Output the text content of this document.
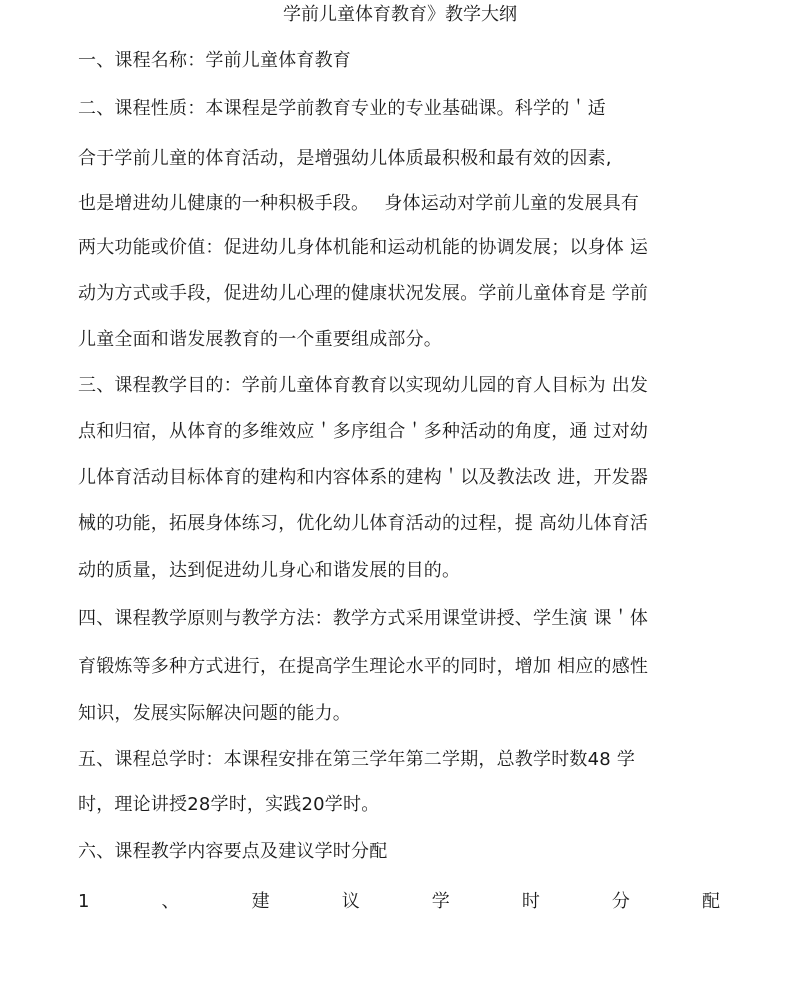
学前儿童体育教育》教学大纲
一、课程名称：学前儿童体育教育
二、课程性质：本课程是学前教育专业的专业基础课。科学的＇适
合于学前儿童的体育活动，是增强幼儿体质最积极和最有效的因素,
也是增进幼儿健康的一种积极手段。　 身体运动对学前儿童的发展具有
两大功能或价值：促进幼儿身体机能和运动机能的协调发展；以身体 运
动为方式或手段，促进幼儿心理的健康状况发展。学前儿童体育是 学前
儿童全面和谐发展教育的一个重要组成部分。
三、课程教学目的：学前儿童体育教育以实现幼儿园的育人目标为 出发
点和归宿，从体育的多维效应＇多序组合＇多种活动的角度，通 过对幼
儿体育活动目标体育的建构和内容体系的建构＇以及教法改 进，开发器
械的功能，拓展身体练习，优化幼儿体育活动的过程，提 高幼儿体育活
动的质量，达到促进幼儿身心和谐发展的目的。
四、课程教学原则与教学方法：教学方式采用课堂讲授、学生演 课＇体
育锻炼等多种方式进行，在提高学生理论水平的同时，增加 相应的感性
知识，发展实际解决问题的能力。
五、课程总学时：本课程安排在第三学年第二学期，总教学时数48 学
时，理论讲授28学时，实践20学时。
六、课程教学内容要点及建议学时分配
1	、	建	议	学	时	分	配
